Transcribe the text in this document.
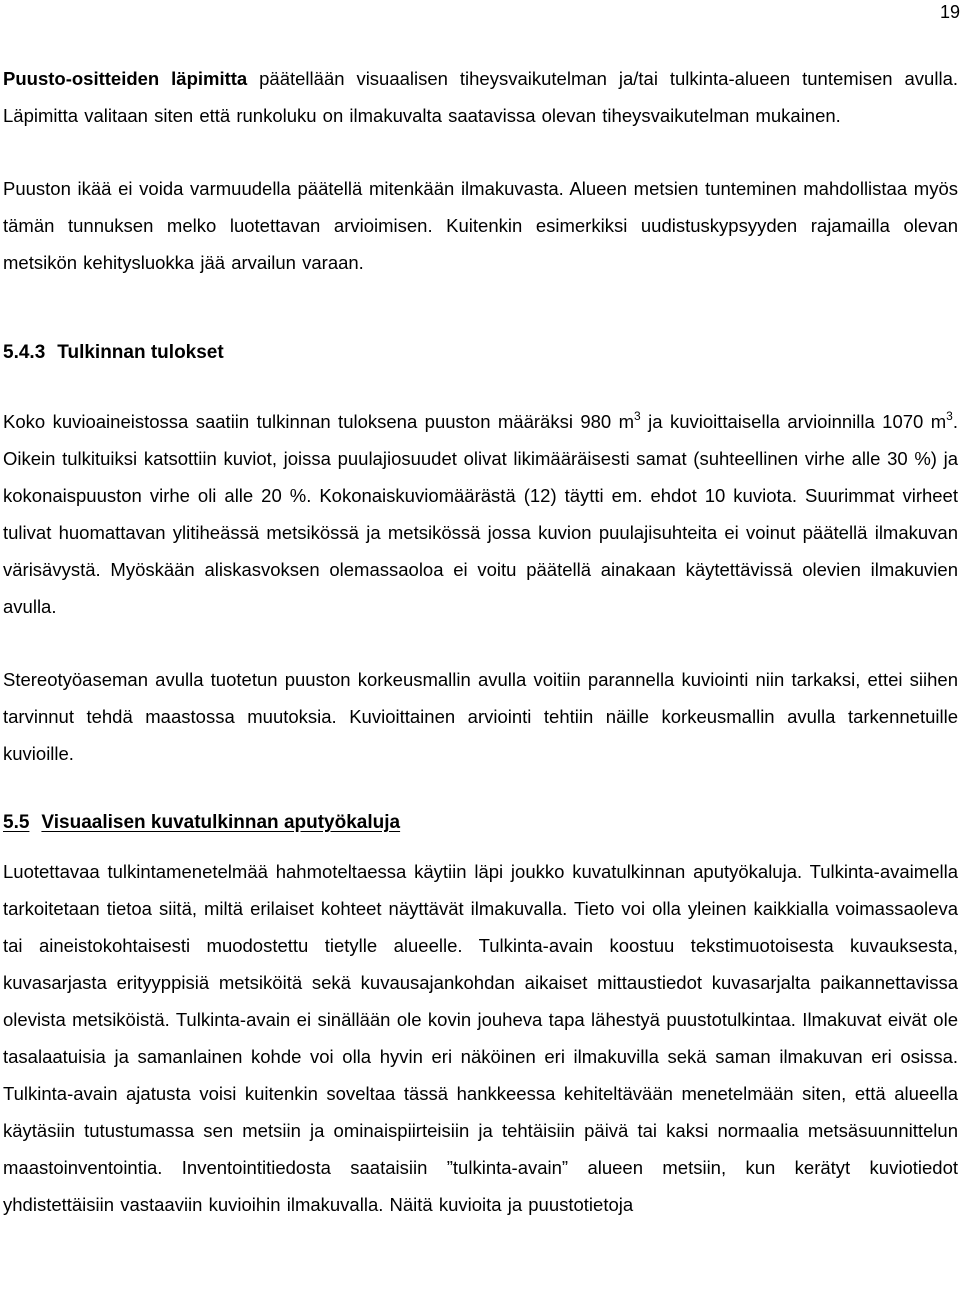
19

Puusto-ositteiden läpimitta päätellään visuaalisen tiheysvaikutelman ja/tai tulkinta-alueen tuntemisen avulla. Läpimitta valitaan siten että runkoluku on ilmakuvalta saatavissa olevan tiheysvaikutelman mukainen.

Puuston ikää ei voida varmuudella päätellä mitenkään ilmakuvasta. Alueen metsien tunteminen mahdollistaa myös tämän tunnuksen melko luotettavan arvioimisen. Kuitenkin esimerkiksi uudistuskypsyyden rajamailla olevan metsikön kehitysluokka jää arvailun varaan.

5.4.3 Tulkinnan tulokset

Koko kuvioaineistossa saatiin tulkinnan tuloksena puuston määräksi 980 $m^3$ ja kuvioittaisella arvioinnilla 1070 $m^3$. Oikein tulkituiksi katsottiin kuviot, joissa puulajiosuudet olivat likimääräisesti samat (suhteellinen virhe alle 30 %) ja kokonaispuuston virhe oli alle 20 %. Kokonaiskuviomäärästä (12) täytti em. ehdot 10 kuviota. Suurimmat virheet tulivat huomattavan ylitiheässä metsikössä ja metsikössä jossa kuvion puulajisuhteita ei voinut päätellä ilmakuvan värisävystä. Myöskään aliskasvoksen olemassaoloa ei voitu päätellä ainakaan käytettävissä olevien ilmakuvien avulla.

Stereotyöaseman avulla tuotetun puuston korkeusmallin avulla voitiin parannella kuviointi niin tarkaksi, ettei siihen tarvinnut tehdä maastossa muutoksia. Kuvioittainen arviointi tehtiin näille korkeusmallin avulla tarkennetuille kuvioille.

5.5 Visuaalisen kuvatulkinnan aputyökaluja

Luotettavaa tulkintamenetelmää hahmoteltaessa käytiin läpi joukko kuvatulkinnan aputyökaluja. Tulkinta-avaimella tarkoitetaan tietoa siitä, miltä erilaiset kohteet näyttävät ilmakuvalla. Tieto voi olla yleinen kaikkialla voimassaoleva tai aineistokohtaisesti muodostettu tietylle alueelle. Tulkinta-avain koostuu tekstimuotoisesta kuvauksesta, kuvasarjasta erityyppisiä metsiköitä sekä kuvausajankohdan aikaiset mittaustiedot kuvasarjalta paikannettavissa olevista metsiköistä. Tulkinta-avain ei sinällään ole kovin jouheva tapa lähestyä puustotulkintaa. Ilmakuvat eivät ole tasalaatuisia ja samanlainen kohde voi olla hyvin eri näköinen eri ilmakuvilla sekä saman ilmakuvan eri osissa. Tulkinta-avain ajatusta voisi kuitenkin soveltaa tässä hankkeessa kehiteltävään menetelmään siten, että alueella käytäsiin tutustumassa sen metsiin ja ominaispiirteisiin ja tehtäisiin päivä tai kaksi normaalia metsäsuunnittelun maastoinventointia. Inventointitiedosta saataisiin ”tulkinta-avain” alueen metsiin, kun kerätyt kuviotiedot yhdistettäisiin vastaaviin kuvioihin ilmakuvalla. Näitä kuvioita ja puustotietoja
